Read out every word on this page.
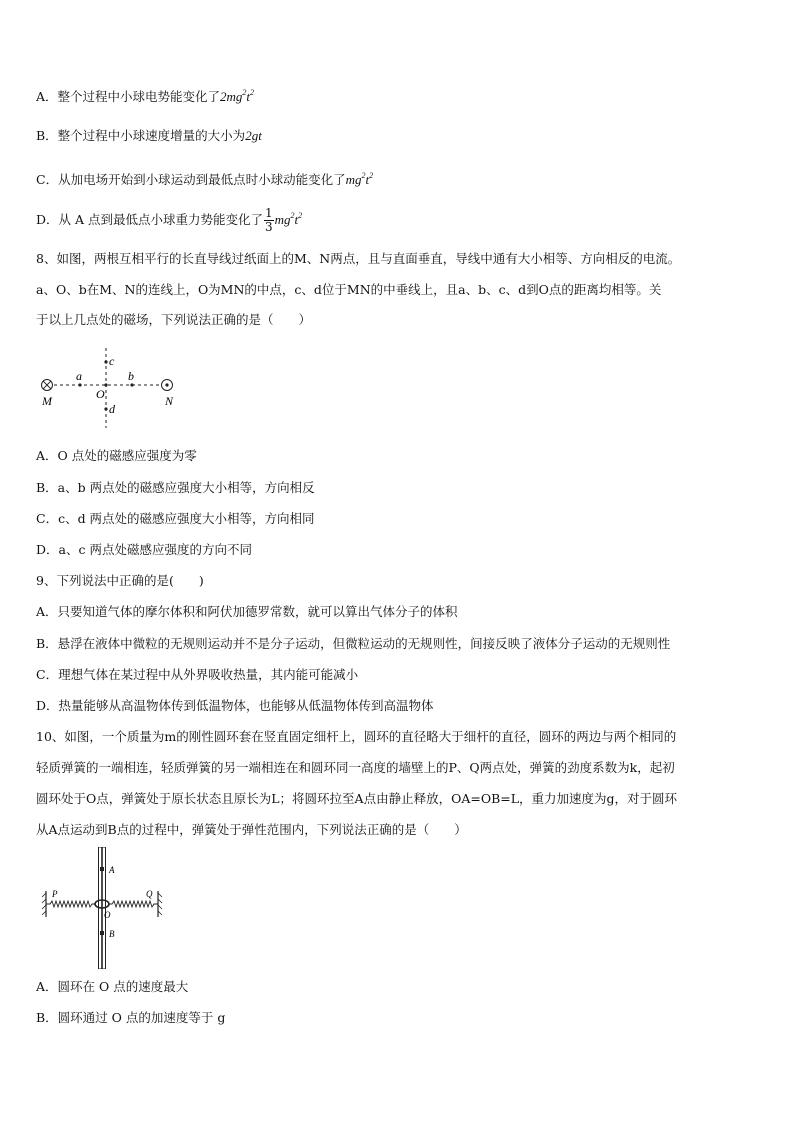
A．整个过程中小球电势能变化了$2mg^2t^2$
B．整个过程中小球速度增量的大小为2gt
C．从加电场开始到小球运动到最低点时小球动能变化了$mg^2t^2$
D．从 A 点到最低点小球重力势能变化了 $\frac{1}{3} mg^2t^2$
8、如图，两根互相平行的长直导线过纸面上的M、N两点，且与直面垂直，导线中通有大小相等、方向相反的电流。
a、O、b在M、N的连线上，O为MN的中点，c、d位于MN的中垂线上，且a、b、c、d到O点的距离均相等。关
于以上几点处的磁场，下列说法正确的是（　　）
M	N
O
a	b
c
d
A．O 点处的磁感应强度为零
B．a、b 两点处的磁感应强度大小相等，方向相反
C．c、d 两点处的磁感应强度大小相等，方向相同
D．a、c 两点处磁感应强度的方向不同
9、下列说法中正确的是(　　)
A．只要知道气体的摩尔体积和阿伏加德罗常数，就可以算出气体分子的体积
B．悬浮在液体中微粒的无规则运动并不是分子运动，但微粒运动的无规则性，间接反映了液体分子运动的无规则性
C．理想气体在某过程中从外界吸收热量，其内能可能减小
D．热量能够从高温物体传到低温物体，也能够从低温物体传到高温物体
10、如图，一个质量为m的刚性圆环套在竖直固定细杆上，圆环的直径略大于细杆的直径，圆环的两边与两个相同的
轻质弹簧的一端相连，轻质弹簧的另一端相连在和圆环同一高度的墙壁上的P、Q两点处，弹簧的劲度系数为k，起初
圆环处于O点，弹簧处于原长状态且原长为L；将圆环拉至A点由静止释放，OA=OB=L，重力加速度为g，对于圆环
从A点运动到B点的过程中，弹簧处于弹性范围内，下列说法正确的是（　　）
P	Q
A
O
B
A．圆环在 O 点的速度最大
B．圆环通过 O 点的加速度等于 g
